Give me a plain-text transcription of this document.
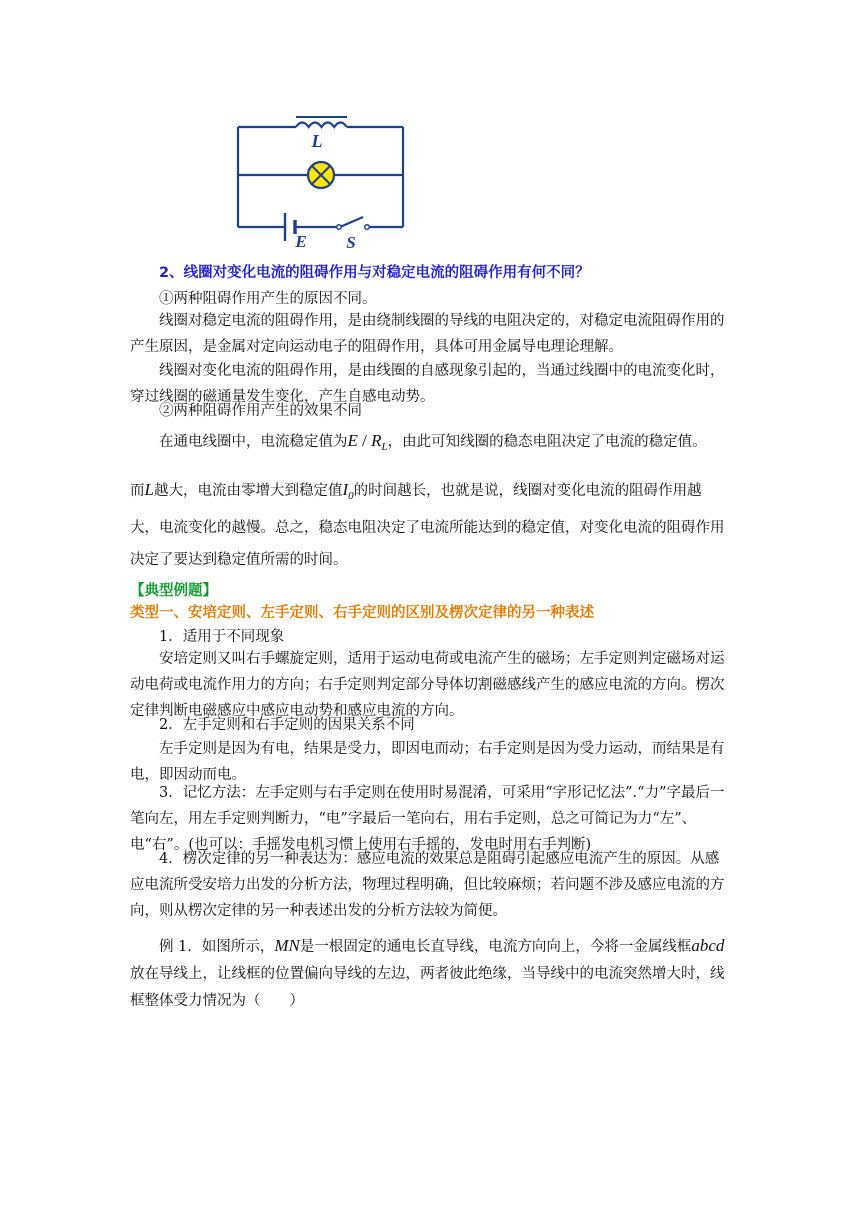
L
E S

2、线圈对变化电流的阻碍作用与对稳定电流的阻碍作用有何不同？

①两种阻碍作用产生的原因不同。

线圈对稳定电流的阻碍作用，是由绕制线圈的导线的电阻决定的，对稳定电流阻碍作用的产生原因，是金属对定向运动电子的阻碍作用，具体可用金属导电理论理解。

线圈对变化电流的阻碍作用，是由线圈的自感现象引起的，当通过线圈中的电流变化时，穿过线圈的磁通量发生变化，产生自感电动势。

②两种阻碍作用产生的效果不同

在通电线圈中，电流稳定值为E / $R_L$，由此可知线圈的稳态电阻决定了电流的稳定值。

而L越大，电流由零增大到稳定值$I_0$的时间越长，也就是说，线圈对变化电流的阻碍作用越大，电流变化的越慢。总之，稳态电阻决定了电流所能达到的稳定值，对变化电流的阻碍作用决定了要达到稳定值所需的时间。

【典型例题】

类型一、安培定则、左手定则、右手定则的区别及楞次定律的另一种表述

1．适用于不同现象

安培定则又叫右手螺旋定则，适用于运动电荷或电流产生的磁场；左手定则判定磁场对运动电荷或电流作用力的方向；右手定则判定部分导体切割磁感线产生的感应电流的方向。楞次定律判断电磁感应中感应电动势和感应电流的方向。

2．左手定则和右手定则的因果关系不同

左手定则是因为有电，结果是受力，即因电而动；右手定则是因为受力运动，而结果是有电，即因动而电。

3．记忆方法：左手定则与右手定则在使用时易混淆，可采用“字形记忆法”.“力”字最后一笔向左，用左手定则判断力，“电”字最后一笔向右，用右手定则，总之可简记为力“左”、电“右”。(也可以：手摇发电机习惯上使用右手摇的，发电时用右手判断)

4．楞次定律的另一种表达为：感应电流的效果总是阻碍引起感应电流产生的原因。从感应电流所受安培力出发的分析方法，物理过程明确，但比较麻烦；若问题不涉及感应电流的方向，则从楞次定律的另一种表述出发的分析方法较为简便。

例 1．如图所示，MN是一根固定的通电长直导线，电流方向向上，今将一金属线框abcd放在导线上，让线框的位置偏向导线的左边，两者彼此绝缘，当导线中的电流突然增大时，线框整体受力情况为（　　）
